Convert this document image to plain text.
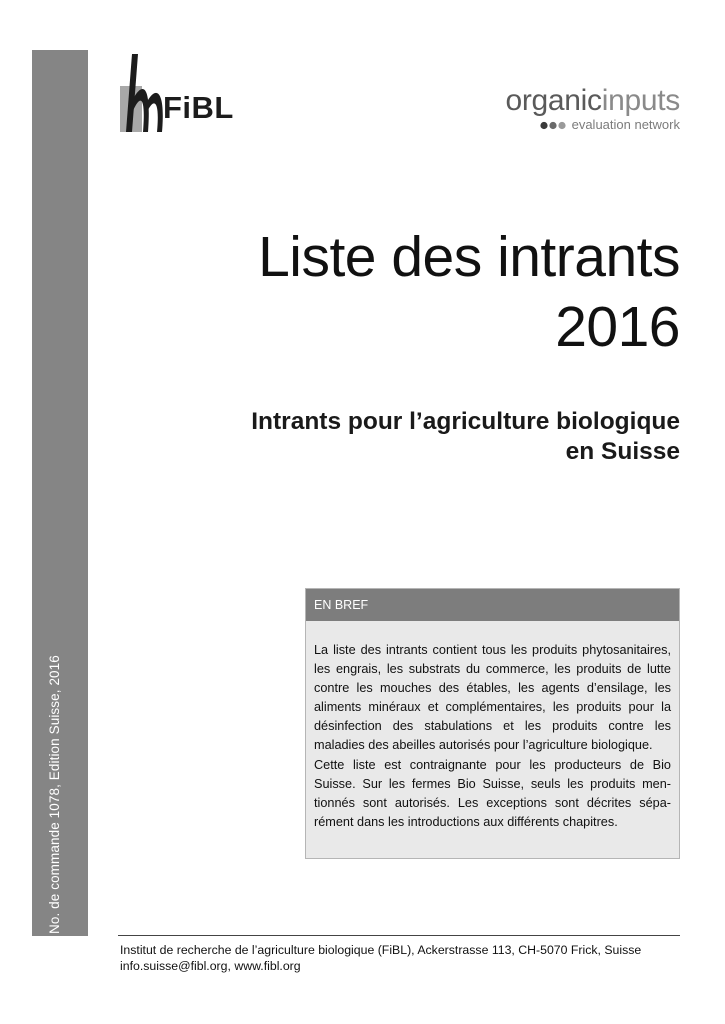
No. de commande 1078, Edition Suisse, 2016
FiBL	organicinputs
evaluation network
Liste des intrants
2016
Intrants pour l’agriculture biologique
en Suisse
EN BREF

La liste des intrants contient tous les produits phytosanitaires, les engrais, les substrats du commerce, les produits de lutte contre les mouches des étables, les agents d’ensilage, les aliments minéraux et complémentaires, les produits pour la désinfection des stabulations et les produits contre les maladies des abeilles autorisés pour l’agriculture biologique.

Cette liste est contraignante pour les producteurs de Bio Suisse. Sur les fermes Bio Suisse, seuls les produits mentionnés sont autorisés. Les exceptions sont décrites séparément dans les introductions aux différents chapitres.

Institut de recherche de l’agriculture biologique (FiBL), Ackerstrasse 113, CH-5070 Frick, Suisse
info.suisse@fibl.org, www.fibl.org
